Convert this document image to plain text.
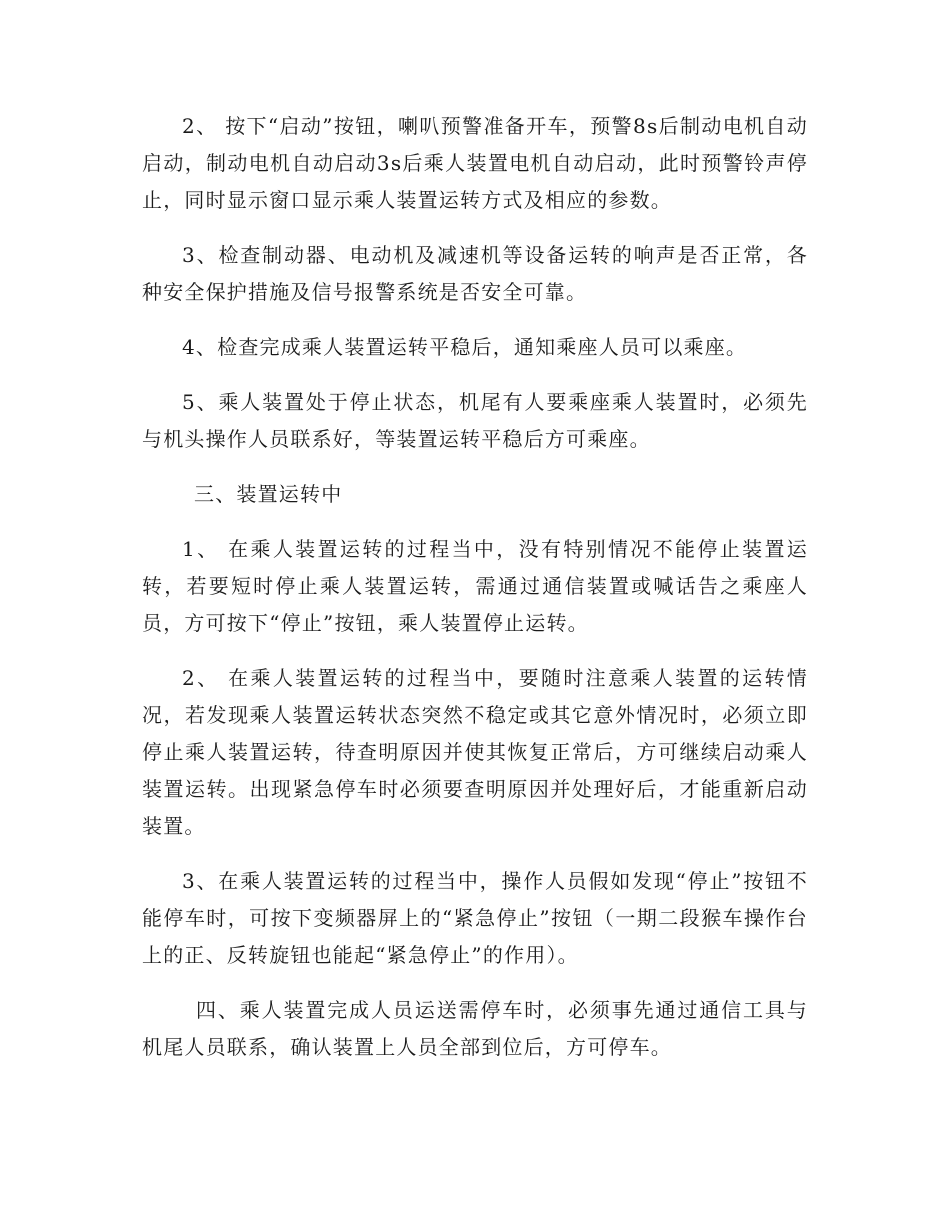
2、 按下“启动”按钮，喇叭预警准备开车，预警8s后制动电机自动启动，制动电机自动启动3s后乘人装置电机自动启动，此时预警铃声停止，同时显示窗口显示乘人装置运转方式及相应的参数。

3、检查制动器、电动机及减速机等设备运转的响声是否正常，各种安全保护措施及信号报警系统是否安全可靠。

4、检查完成乘人装置运转平稳后，通知乘座人员可以乘座。

5、乘人装置处于停止状态，机尾有人要乘座乘人装置时，必须先与机头操作人员联系好，等装置运转平稳后方可乘座。

三、装置运转中

1、 在乘人装置运转的过程当中，没有特别情况不能停止装置运转，若要短时停止乘人装置运转，需通过通信装置或喊话告之乘座人员，方可按下“停止”按钮，乘人装置停止运转。

2、 在乘人装置运转的过程当中，要随时注意乘人装置的运转情况，若发现乘人装置运转状态突然不稳定或其它意外情况时，必须立即停止乘人装置运转，待查明原因并使其恢复正常后，方可继续启动乘人装置运转。出现紧急停车时必须要查明原因并处理好后，才能重新启动装置。

3、在乘人装置运转的过程当中，操作人员假如发现“停止”按钮不能停车时，可按下变频器屏上的“紧急停止”按钮（一期二段猴车操作台上的正、反转旋钮也能起“紧急停止”的作用）。

四、乘人装置完成人员运送需停车时，必须事先通过通信工具与机尾人员联系，确认装置上人员全部到位后，方可停车。
